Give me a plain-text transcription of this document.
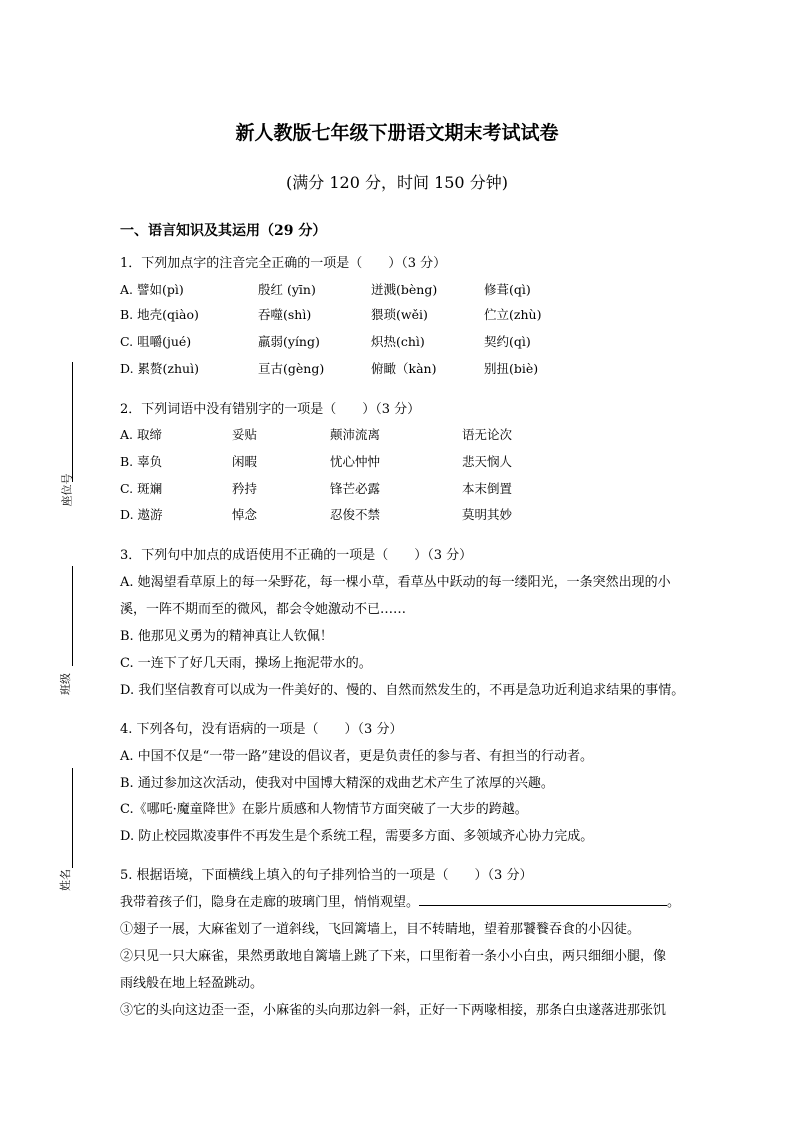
座位号
班级
姓名
新人教版七年级下册语文期末考试试卷
(满分 120 分，时间 150 分钟)
一、语言知识及其运用（29 分）
1．下列加点字的注音完全正确的一项是（　　）（3 分）
A. 譬如(pì)	殷红 (yīn)	迸溅(bèng)	修葺(qì)
B. 地壳(qiào)	吞噬(shì)	猥琐(wěi)	伫立(zhù)
C. 咀嚼(jué)	羸弱(yíng)	炽热(chì)	契约(qì)
D. 累赘(zhuì)	亘古(gèng)	俯瞰（kàn)	别扭(biè)
2．下列词语中没有错别字的一项是（　　）（3 分）
A. 取缔	妥贴	颠沛流离	语无论次
B. 辜负	闲暇	忧心忡忡	悲天悯人
C. 斑斓	矜持	锋芒必露	本末倒置
D. 遨游	悼念	忍俊不禁	莫明其妙
3．下列句中加点的成语使用不正确的一项是（　　）（3 分）
A. 她渴望看草原上的每一朵野花，每一棵小草，看草丛中跃动的每一缕阳光，一条突然出现的小
溪，一阵不期而至的微风，都会令她激动不已……
B. 他那见义勇为的精神真让人钦佩！
C. 一连下了好几天雨，操场上拖泥带水的。
D. 我们坚信教育可以成为一件美好的、慢的、自然而然发生的，不再是急功近利追求结果的事情。
4. 下列各句，没有语病的一项是（　　）（3 分）
A. 中国不仅是“一带一路”建设的倡议者，更是负责任的参与者、有担当的行动者。
B. 通过参加这次活动，使我对中国博大精深的戏曲艺术产生了浓厚的兴趣。
C.《哪吒·魔童降世》在影片质感和人物情节方面突破了一大步的跨越。
D. 防止校园欺凌事件不再发生是个系统工程，需要多方面、多领域齐心协力完成。
5. 根据语境，下面横线上填入的句子排列恰当的一项是（　　）（3 分）
我带着孩子们，隐身在走廊的玻璃门里，悄悄观望。	。
①翅子一展，大麻雀划了一道斜线，飞回篱墙上，目不转睛地，望着那饕餮吞食的小囚徒。
②只见一只大麻雀，果然勇敢地自篱墙上跳了下来，口里衔着一条小小白虫，两只细细小腿，像
雨线般在地上轻盈跳动。
③它的头向这边歪一歪，小麻雀的头向那边斜一斜，正好一下两喙相接，那条白虫遂落进那张饥
